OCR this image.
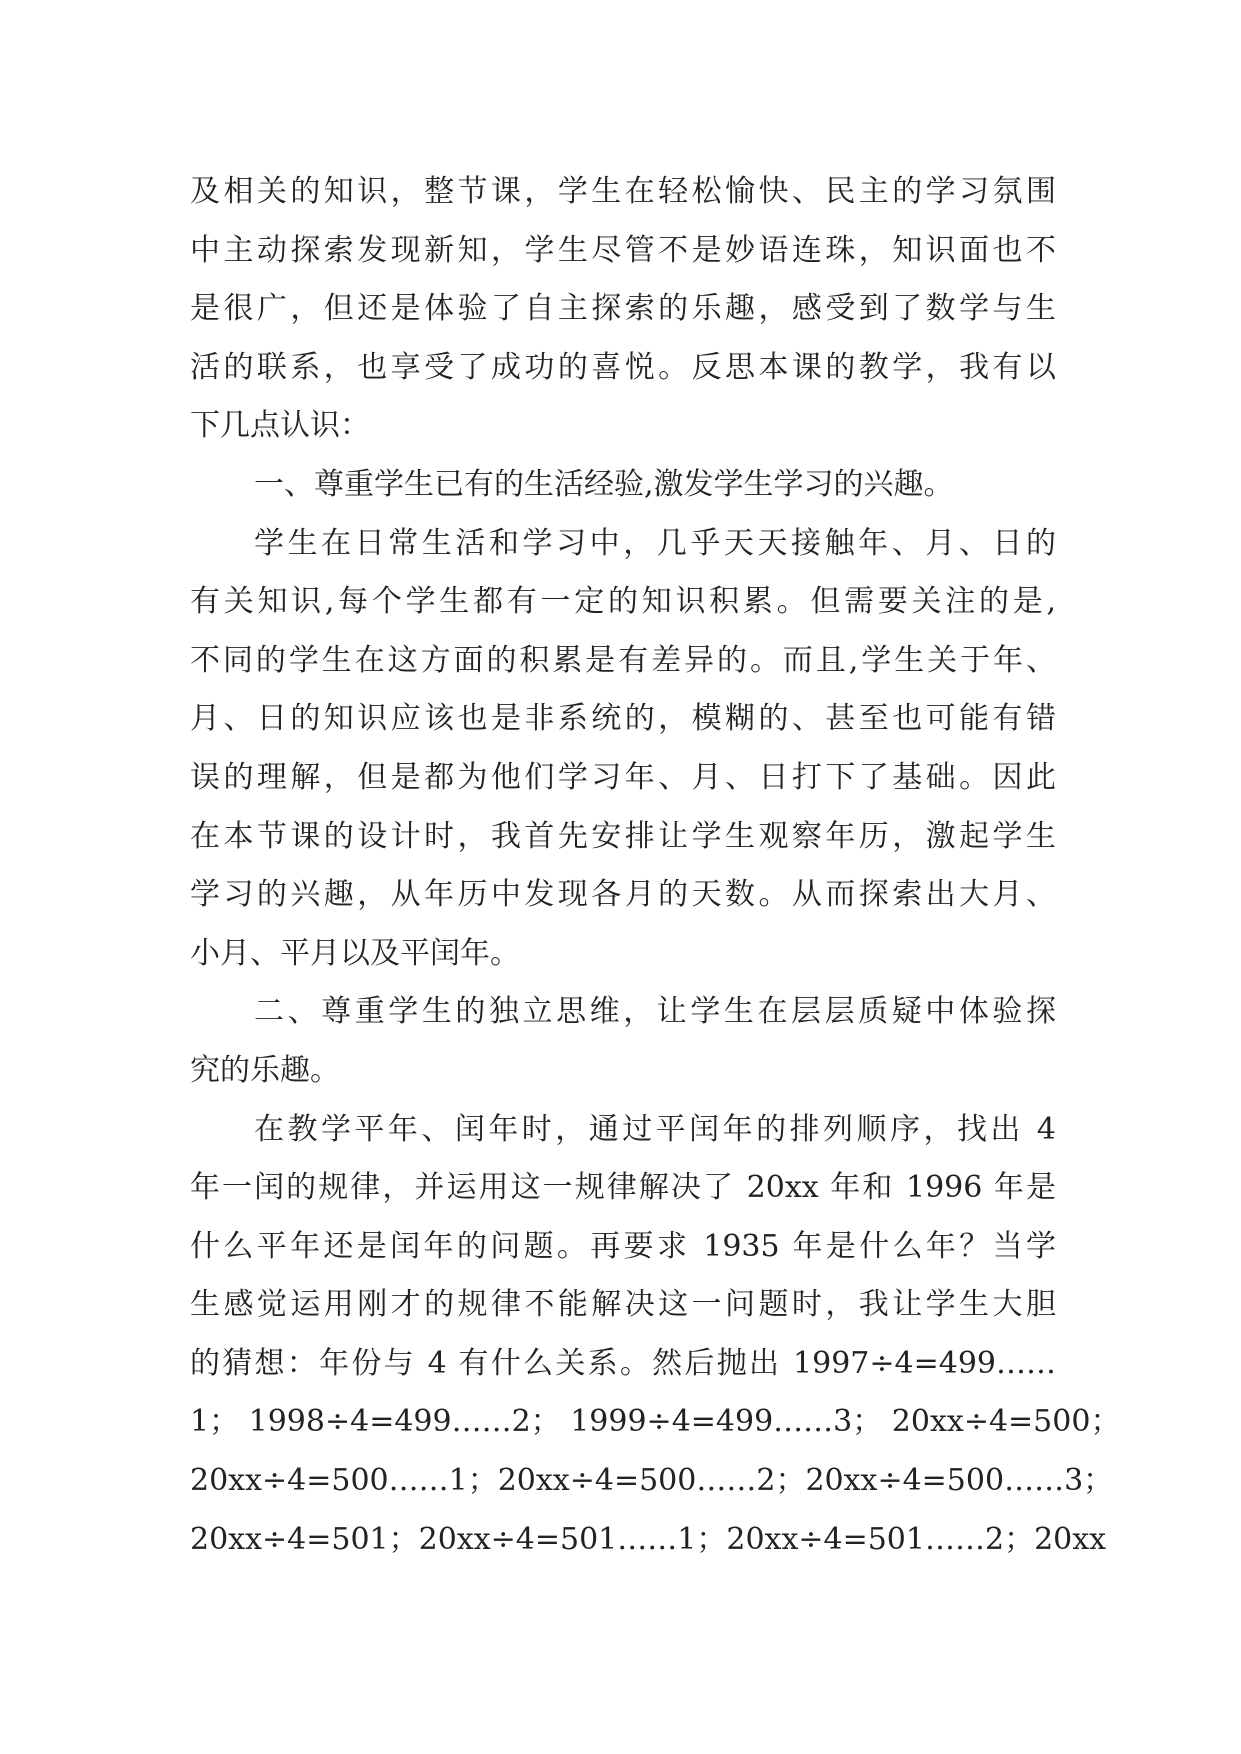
及相关的知识，整节课，学生在轻松愉快、民主的学习氛围
中主动探索发现新知，学生尽管不是妙语连珠，知识面也不
是很广，但还是体验了自主探索的乐趣，感受到了数学与生
活的联系，也享受了成功的喜悦。反思本课的教学，我有以
下几点认识：
一、尊重学生已有的生活经验,激发学生学习的兴趣。
学生在日常生活和学习中，几乎天天接触年、月、日的
有关知识,每个学生都有一定的知识积累。但需要关注的是,
不同的学生在这方面的积累是有差异的。而且,学生关于年、
月、日的知识应该也是非系统的，模糊的、甚至也可能有错
误的理解，但是都为他们学习年、月、日打下了基础。因此
在本节课的设计时，我首先安排让学生观察年历，激起学生
学习的兴趣，从年历中发现各月的天数。从而探索出大月、
小月、平月以及平闰年。
二、尊重学生的独立思维，让学生在层层质疑中体验探
究的乐趣。
在教学平年、闰年时，通过平闰年的排列顺序，找出 4
年一闰的规律，并运用这一规律解决了 20xx 年和 1996 年是
什么平年还是闰年的问题。再要求 1935 年是什么年？当学
生感觉运用刚才的规律不能解决这一问题时，我让学生大胆
的猜想：年份与 4 有什么关系。然后抛出 1997÷4=499……
1； 1998÷4=499……2； 1999÷4=499……3； 20xx÷4=500；
20xx÷4=500……1；20xx÷4=500……2；20xx÷4=500……3；
20xx÷4=501；20xx÷4=501……1；20xx÷4=501……2；20xx
